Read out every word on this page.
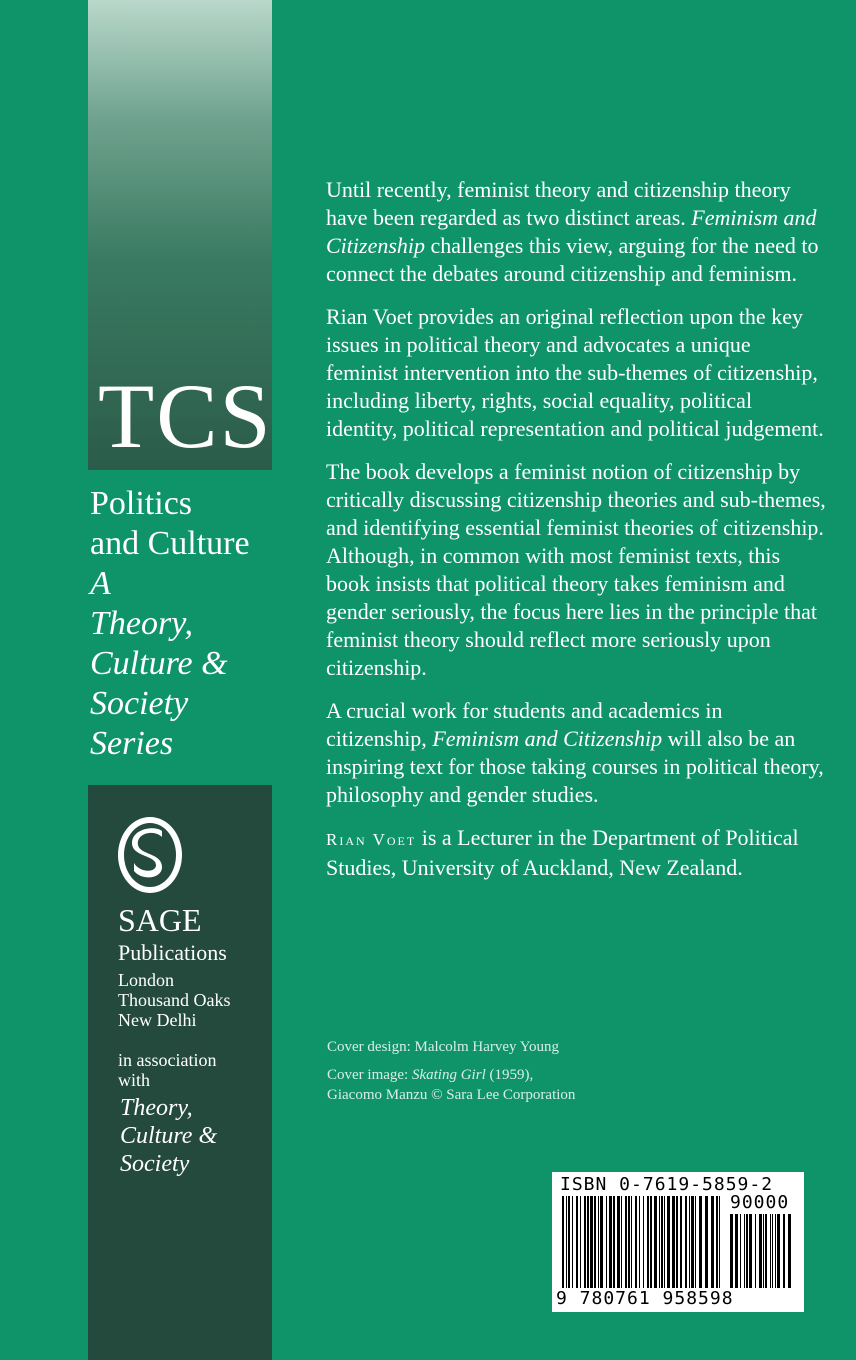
TCS
Politics
and Culture
A
Theory,
Culture &
Society
Series
SAGE
Publications
London
Thousand Oaks
New Delhi
in association
with
Theory,
Culture &
Society

Until recently, feminist theory and citizenship theory have been regarded as two distinct areas. Feminism and Citizenship challenges this view, arguing for the need to connect the debates around citizenship and feminism.

Rian Voet provides an original reflection upon the key issues in political theory and advocates a unique feminist intervention into the sub-themes of citizenship, including liberty, rights, social equality, political identity, political representation and political judgement.

The book develops a feminist notion of citizenship by critically discussing citizenship theories and sub-themes, and identifying essential feminist theories of citizenship. Although, in common with most feminist texts, this book insists that political theory takes feminism and gender seriously, the focus here lies in the principle that feminist theory should reflect more seriously upon citizenship.

A crucial work for students and academics in citizenship, Feminism and Citizenship will also be an inspiring text for those taking courses in political theory, philosophy and gender studies.

Rian Voet is a Lecturer in the Department of Political Studies, University of Auckland, New Zealand.

Cover design: Malcolm Harvey Young
Cover image: Skating Girl (1959),
Giacomo Manzu © Sara Lee Corporation
ISBN 0-7619-5859-2
90000
9 780761 958598
